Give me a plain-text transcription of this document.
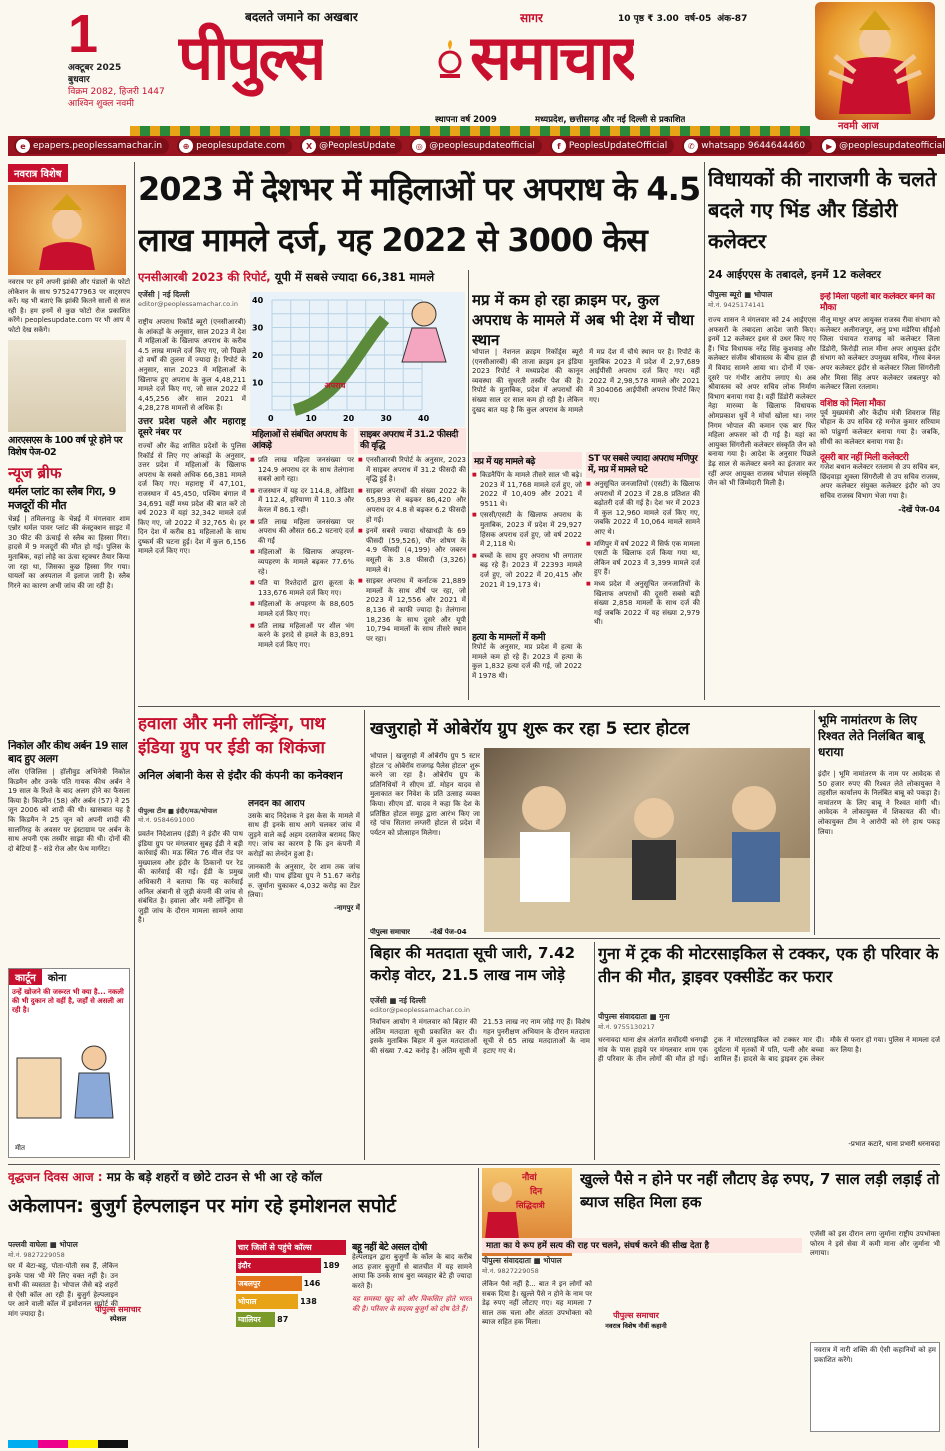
1
अक्टूबर 2025
बुधवार
विक्रम 2082, हिजरी 1447
आश्विन शुक्ल नवमी
बदलते जमाने का अखबार
पीपुल्स समाचार
सागर	10 पृष्ठ ₹ 3.00 वर्ष-05 अंक-87
स्थापना वर्ष 2009	मध्यप्रदेश, छत्तीसगढ़ और नई दिल्ली से प्रकाशित
नवमी आज
e epapers.peoplessamachar.in	⊕ peoplesupdate.com	X @PeoplesUpdate	◎ @peoplesupdateofficial	f PeoplesUpdateOfficial	✆ whatsapp 9644644460	▶ @peoplesupdateofficial
नवरात्र विशेष
नवरात्र पर हमें अपनी झांकी और पंडालों के फोटो लोकेशन के साथ 9752477963 पर वाट्सएप करें। यह भी बताएं कि झांकी कितने सालों से सज रही है। हम इनमें से कुछ फोटो रोज प्रकाशित करेंगे। peoplesupdate.com पर भी आप ये फोटो देख सकेंगे।
आरएसएस के 100 वर्ष पूरे होने पर विशेष पेज-02
न्यूज ब्रीफ
थर्मल प्लांट का स्लैब गिरा, 9 मजदूरों की मौत
चेन्नई | तमिलनाडु के चेन्नई में मंगलवार शाम एन्नोर थर्मल पावर प्लांट की कंस्ट्रक्शन साइट में 30 फीट की ऊंचाई से स्लैब का हिस्सा गिरा। हादसे में 9 मजदूरों की मौत हो गई। पुलिस के मुताबिक, वहां लोहे का ऊंचा स्ट्रक्चर तैयार किया जा रहा था, जिसका कुछ हिस्सा गिर गया। घायलों का अस्पताल में इलाज जारी है। स्लैब गिरने का कारण अभी जांच की जा रही है।
निकोल और कीथ अर्बन 19 साल बाद हुए अलग
लॉस एंजिलिस | हॉलीवुड अभिनेत्री निकोल किडमैन और उनके पति गायक कीथ अर्बन ने 19 साल के रिश्ते के बाद अलग होने का फैसला किया है। किडमैन (58) और अर्बन (57) ने 25 जून 2006 को शादी की थी। खासबात यह है कि किडमैन ने 25 जून को अपनी शादी की सालगिरह के अवसर पर इंस्टाग्राम पर अर्बन के साथ अपनी एक तस्वीर साझा की थी। दोनों की दो बेटियां हैं - संडे रोज और फेथ मार्गरेट।
कार्टून	कोना
उन्हें खोजने की जरूरत भी क्या है... नकली की भी दुकान तो वहीं है, जहाँ से असली आ रही है।
मीत
2023 में देशभर में महिलाओं पर अपराध के 4.5 लाख मामले दर्ज, यह 2022 से 3000 केस
एनसीआरबी 2023 की रिपोर्ट, यूपी में सबसे ज्यादा 66,381 मामले
एजेंसी | नई दिल्ली
editor@peoplessamachar.co.in

राष्ट्रीय अपराध रिकॉर्ड ब्यूरो (एनसीआरबी) के आंकड़ों के अनुसार, साल 2023 में देश में महिलाओं के खिलाफ अपराध के करीब 4.5 लाख मामले दर्ज किए गए, जो पिछले दो वर्षों की तुलना में ज्यादा है। रिपोर्ट के अनुसार, साल 2023 में महिलाओं के खिलाफ हुए अपराध के कुल 4,48,211 मामले दर्ज किए गए, जो साल 2022 में 4,45,256 और साल 2021 में 4,28,278 मामलों से अधिक हैं।

उत्तर प्रदेश पहले और महाराष्ट्र दूसरे नंबर पर

राज्यों और केंद्र शासित प्रदेशों के पुलिस रिकॉर्ड से लिए गए आंकड़ों के अनुसार, उत्तर प्रदेश में महिलाओं के खिलाफ अपराध के सबसे अधिक 66,381 मामले दर्ज किए गए। महाराष्ट्र में 47,101, राजस्थान में 45,450, पश्चिम बंगाल में 34,691 वहीं मध्य प्रदेश की बात करें तो वर्ष 2023 में यहां 32,342 मामले दर्ज किए गए, जो 2022 में 32,765 थे। हर दिन देश में करीब 81 महिलाओं के साथ दुष्कर्म की घटना हुई। देश में कुल 6,156 मामले दर्ज किए गए।

0	10	20	30	40
10
20
30
40
अपराध
महिलाओं से संबंधित अपराध के आंकड़े
■ प्रति लाख महिला जनसंख्या पर 124.9 अपराध दर के साथ तेलंगाना सबसे आगे रहा।
■ राजस्थान में यह दर 114.8, ओडिशा में 112.4, हरियाणा में 110.3 और केरल में 86.1 रही।
■ प्रति लाख महिला जनसंख्या पर अपराध की औसत 66.2 घटनाएं दर्ज की गईं
■ महिलाओं के खिलाफ अपहरण-व्यपहरण के मामले बढ़कर 77.6% रहे।
■ पति या रिश्तेदारों द्वारा क्रूरता के 133,676 मामले दर्ज किए गए।
■ महिलाओं के अपहरण के 88,605 मामले दर्ज किए गए।
■ प्रति लाख महिलाओं पर शील भंग करने के इरादे से हमले के 83,891 मामले दर्ज किए गए।
साइबर अपराध में 31.2 फीसदी की वृद्धि
■ एनसीआरबी रिपोर्ट के अनुसार, 2023 में साइबर अपराध में 31.2 फीसदी की वृद्धि हुई है।
■ साइबर अपराधों की संख्या 2022 के 65,893 से बढ़कर 86,420 और अपराध दर 4.8 से बढ़कर 6.2 फीसदी हो गई।
■ इनमें सबसे ज्यादा धोखाधड़ी के 69 फीसदी (59,526), यौन शोषण के 4.9 फीसदी (4,199) और जबरन वसूली के 3.8 फीसदी (3,326) मामले थे।
■ साइबर अपराध में कर्नाटक 21,889 मामलों के साथ शीर्ष पर रहा, जो 2023 में 12,556 और 2021 में 8,136 से काफी ज्यादा है। तेलंगाना 18,236 के साथ दूसरे और यूपी 10,794 मामलों के साथ तीसरे स्थान पर रहा।
मप्र में कम हो रहा क्राइम पर, कुल अपराध के मामले में अब भी देश में चौथा स्थान
भोपाल | नेशनल क्राइम रिकॉर्ड्स ब्यूरो (एनसीआरबी) की ताजा क्राइम इन इंडिया 2023 रिपोर्ट ने मध्यप्रदेश की कानून व्यवस्था की सुधरती तस्वीर पेश की है। रिपोर्ट के मुताबिक, प्रदेश में अपराधों की संख्या साल दर साल कम हो रही है। लेकिन दुखद बात यह है कि कुल अपराध के मामले में मप्र देश में चौथे स्थान पर है। रिपोर्ट के मुताबिक 2023 में प्रदेश में 2,97,689 आईपीसी अपराध दर्ज किए गए। वहीं 2022 में 2,98,578 मामले और 2021 में 304066 आईपीसी अपराध रिपोर्ट किए गए।
मप्र में यह मामले बढ़े
■ किडनैपिंग के मामले तीसरे साल भी बढ़े। 2023 में 11,768 मामले दर्ज हुए, जो 2022 में 10,409 और 2021 में 9511 थे।
■ एससी/एसटी के खिलाफ अपराध के मुताबिक, 2023 में प्रदेश में 29,927 हिंसक अपराध दर्ज हुए, जो वर्ष 2022 में 2,118 थे।
■ बच्चों के साथ हुए अपराध भी लगातार बढ़ रहे हैं। 2023 में 22393 मामले दर्ज हुए, जो 2022 में 20,415 और 2021 में 19,173 थे।
ST पर सबसे ज्यादा अपराध मणिपुर में, मप्र में मामले घटे
■ अनुसूचित जनजातियों (एसटी) के खिलाफ अपराधों में 2023 में 28.8 प्रतिशत की बढ़ोतरी दर्ज की गई है। देश भर में 2023 में कुल 12,960 मामले दर्ज किए गए, जबकि 2022 में 10,064 मामले सामने आए थे।
■ मणिपुर में वर्ष 2022 में सिर्फ एक मामला एसटी के खिलाफ दर्ज किया गया था, लेकिन वर्ष 2023 में 3,399 मामले दर्ज हुए हैं।
■ मध्य प्रदेश में अनुसूचित जनजातियों के खिलाफ अपराधों की दूसरी सबसे बड़ी संख्या 2,858 मामलों के साथ दर्ज की गई जबकि 2022 में यह संख्या 2,979 थी।
हत्या के मामलों में कमी
रिपोर्ट के अनुसार, मप्र प्रदेश में हत्या के मामले कम हो रहे हैं। 2023 में हत्या के कुल 1,832 हत्या दर्ज की गई, जो 2022 में 1978 थी।
विधायकों की नाराजगी के चलते बदले गए भिंड और डिंडोरी कलेक्टर
24 आईएएस के तबादले, इनमें 12 कलेक्टर
पीपुल्स ब्यूरो ■ भोपाल
मो.नं. 9425174141
राज्य शासन ने मंगलवार को 24 आईएएस अफसरों के तबादला आदेश जारी किए। इनमें 12 कलेक्टर इधर से उधर किए गए हैं। भिंड विधायक नरेंद्र सिंह कुशवाह और कलेक्टर संजीव श्रीवास्तव के बीच हाल ही में विवाद सामने आया था। दोनों में एक-दूसरे पर गंभीर आरोप लगाए थे। अब श्रीवास्तव को अपर सचिव लोक निर्माण विभाग बनाया गया है। वहीं डिंडोरी कलेक्टर नेहा मारव्या के खिलाफ विधायक ओमप्रकाश धुर्वे ने मोर्चा खोला था। नगर निगम भोपाल की कमान एक बार फिर महिला अफसर को दी गई है। यहां का आयुक्त सिंगरौली कलेक्टर संस्कृति जैन को बनाया गया है। आदेश के अनुसार पिछले डेढ़ साल से कलेक्टर बनने का इंतजार कर रहीं अपर आयुक्त राजस्व भोपाल संस्कृति जैन को भी जिम्मेदारी मिली है।
इन्हें मिला पहली बार कलेक्टर बनने का मौका
नीलू माथुर अपर आयुक्त राजस्व रीवा संभाग को कलेक्टर अलीराजपुर, अनु प्रभा मडेरिया सीईओ जिला पंचायत राजगढ़ को कलेक्टर जिला डिंडोरी, किरोड़ी लाल मीना अपर आयुक्त इंदौर संभाग को कलेक्टर उपमुख्य सचिव, गौरव बेनल अपर कलेक्टर इंदौर से कलेक्टर जिला सिंगरौली और मिसा सिंह अपर कलेक्टर जबलपुर को कलेक्टर जिला रतलाम।
वशिष्ठ को मिला मौका
पूर्व मुख्यमंत्री और केंद्रीय मंत्री शिवराज सिंह चौहान के उप सचिव रहे मनोज कुमार सरियाम को पांढुर्णा कलेक्टर बनाया गया है। जबकि, सीधी का कलेक्टर बनाया गया है।
दूसरी बार नहीं मिली कलेक्टरी
गजेश बधान कलेक्टर रतलाम से उप सचिव बन, छिंदवाड़ा शुक्ला सिंगरौली से उप सचिव राजस्व, अपर कलेक्टर संयुक्त कलेक्टर इंदौर को उप सचिव राजस्व विभाग भेजा गया है।
-देखें पेज-04
हवाला और मनी लॉन्ड्रिंग, पाथ इंडिया ग्रुप पर ईडी का शिकंजा
अनिल अंबानी केस से इंदौर की कंपनी का कनेक्शन
पीपुल्स टीम ■ इंदौर/मऊ/भोपाल
मो.नं. 9584691000
प्रवर्तन निदेशालय (ईडी) ने इंदौर की पाथ इंडिया ग्रुप पर मंगलवार सुबह ईडी ने बड़ी कार्रवाई की। मऊ स्थित 76 मील रोड पर मुख्यालय और इंदौर के ठिकानों पर रेड की कार्रवाई की गई। ईडी के प्रमुख अधिकारी ने बताया कि यह कार्रवाई अनिल अंबानी से जुड़ी कंपनी की जांच से संबंधित है। हवाला और मनी लॉन्ड्रिंग से जुड़ी जांच के दौरान मामला सामने आया है।
लेनदेन का आरोप

उसके बाद निदेशक ने इस केस के मामले में साथ ही इनके साथ आगे चलकर जांच में जुड़ने वाले कई अहम दस्तावेज बरामद किए गए। जांच का कारण है कि इन कंपनी में करोड़ों का लेनदेन हुआ है।

जानकारी के अनुसार, देर शाम तक जांच जारी थी। पाथ इंडिया ग्रुप ने 51.67 करोड़ रु. जुर्माना चुकाकर 4,032 करोड़ का टेंडर लिया।

-नागपुर में
खजुराहो में ओबेरॉय ग्रुप शुरू कर रहा 5 स्टार होटल
भोपाल | खजुराहो में ओबेरॉय ग्रुप 5 स्टार होटल 'द ओबेरॉय राजगढ़ पैलेस होटल' शुरू करने जा रहा है। ओबेरॉय ग्रुप के प्रतिनिधियों ने सीएम डॉ. मोहन यादव से मुलाकात कर निवेश के प्रति उत्साह व्यक्त किया। सीएम डॉ. यादव ने कहा कि देश के प्रतिष्ठित होटल समूह द्वारा आरंभ किए जा रहे पांच सितारा लग्जरी होटल से प्रदेश में पर्यटन को प्रोत्साहन मिलेगा।
पीपुल्स समाचार	-देखें पेज-04
भूमि नामांतरण के लिए रिश्वत लेते निलंबित बाबू धराया
इंदौर | भूमि नामांतरण के नाम पर आवेदक से 50 हजार रुपए की रिश्वत लेते लोकायुक्त ने तहसील कार्यालय के निलंबित बाबू को पकड़ा है। नामांतरण के लिए बाबू ने रिश्वत मांगी थी। आवेदक ने लोकायुक्त में शिकायत की थी। लोकायुक्त टीम ने आरोपी को रंगे हाथ पकड़ लिया।
बिहार की मतदाता सूची जारी, 7.42 करोड़ वोटर, 21.5 लाख नाम जोड़े
एजेंसी ■ नई दिल्ली
editor@peoplessamachar.co.in
निर्वाचन आयोग ने मंगलवार को बिहार की अंतिम मतदाता सूची प्रकाशित कर दी। इसके मुताबिक बिहार में कुल मतदाताओं की संख्या 7.42 करोड़ है। अंतिम सूची में 21.53 लाख नए नाम जोड़े गए हैं। विशेष गहन पुनरीक्षण अभियान के दौरान मतदाता सूची से 65 लाख मतदाताओं के नाम हटाए गए थे।
गुना में ट्रक की मोटरसाइकिल से टक्कर, एक ही परिवार के तीन की मौत, ड्राइवर एक्सीडेंट कर फरार
पीपुल्स संवाददाता ■ गुना
मो.नं. 9755130217
धरनावदा थाना क्षेत्र अंतर्गत सर्वोदयी धनगढ़ी गांव के पास हाइवे पर मंगलवार शाम एक ही परिवार के तीन लोगों की मौत हो गई। ट्रक ने मोटरसाइकिल को टक्कर मार दी। दुर्घटना में मृतकों में पति, पत्नी और बच्चा शामिल हैं। हादसे के बाद ड्राइवर ट्रक लेकर मौके से फरार हो गया। पुलिस ने मामला दर्ज कर लिया है।
-प्रभात कटारे, थाना प्रभारी धरनावदा
वृद्धजन दिवस आज : मप्र के बड़े शहरों व छोटे टाउन से भी आ रहे कॉल
अकेलापन: बुजुर्ग हेल्पलाइन पर मांग रहे इमोशनल सपोर्ट
पल्लवी वाघेला ■ भोपाल
मो.नं. 9827229058
घर में बेटा-बहू, पोता-पोती सब हैं, लेकिन इनके पास भी मेरे लिए वक्त नहीं है। उन सभी की व्यस्तता है। भोपाल जैसे बड़े शहरों से ऐसी कॉल आ रही हैं। बुजुर्ग हेल्पलाइन पर आने वाली कॉल में इमोशनल सपोर्ट की मांग ज्यादा है।	पीपुल्स समाचार
स्पेशल
चार जिलों से पहुंचे कॉल्स
इंदौर	189
जबलपुर	146
भोपाल	138
ग्वालियर	87
बहू नहीं बेटे असल दोषी
हेल्पलाइन द्वारा बुजुर्गों के कॉल के बाद करीब आठ हजार बुजुर्गों से बातचीत में यह सामने आया कि उनके साथ बुरा व्यवहार बेटे ही ज्यादा करते हैं।
यह समस्या खुद को और विकसित होते भारत की है। परिवार के सदस्य बुजुर्ग को दोष देते हैं।
नौवां
दिन
सिद्धिदात्री
खुल्ले पैसे न होने पर नहीं लौटाए डेढ़ रुपए, 7 साल लड़ी लड़ाई तो ब्याज सहित मिला हक
माता का ये रूप हमें सत्य की राह पर चलने, संघर्ष करने की सीख देता है
पीपुल्स संवाददाता ■ भोपाल
मो.नं. 9827229058
लेकिन पैसे नहीं है... बात ने इन लोगों को सबक दिया है। खुल्ले पैसे न होने के नाम पर डेढ़ रुपए नहीं लौटाए गए। यह मामला 7 साल तक चला और अंततः उपभोक्ता को ब्याज सहित हक मिला।
पीपुल्स समाचार
नवरात्र विशेष नौवीं कहानी
एजेंसी को इस दौरान लगा जुर्माना राष्ट्रीय उपभोक्ता फोरम ने इसे सेवा में कमी माना और जुर्माना भी लगाया।
नवरात्र में नारी शक्ति की ऐसी कहानियों को हम प्रकाशित करेंगे।
